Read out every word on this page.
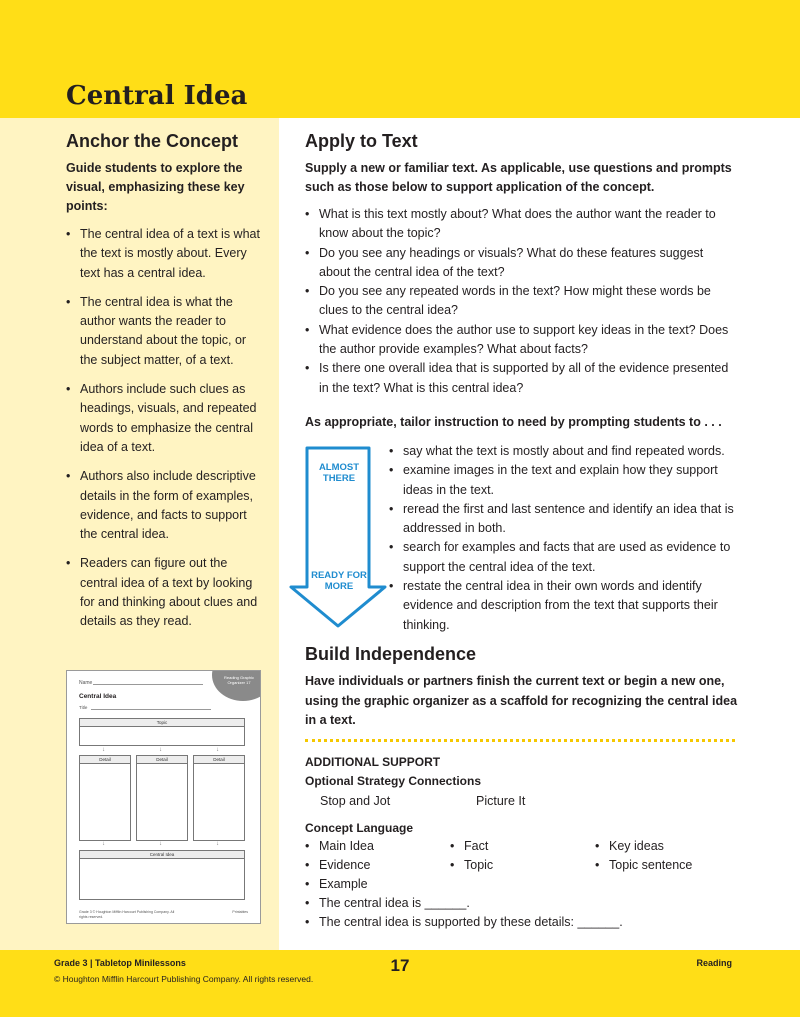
Central Idea
Anchor the Concept

Guide students to explore the visual, emphasizing these key points:

• The central idea of a text is what the text is mostly about. Every text has a central idea.
• The central idea is what the author wants the reader to understand about the topic, or the subject matter, of a text.
• Authors include such clues as headings, visuals, and repeated words to emphasize the central idea of a text.
• Authors also include descriptive details in the form of examples, evidence, and facts to support the central idea.
• Readers can figure out the central idea of a text by looking for and thinking about clues and details as they read.
Reading Graphic Organizer 17
Name
Central Idea
Title
Topic
↓	↓	↓
Detail	Detail	Detail
↓	↓	↓
Central Idea
Grade 3 © Houghton Mifflin Harcourt Publishing Company. All rights reserved.
Printables
Apply to Text

Supply a new or familiar text. As applicable, use questions and prompts such as those below to support application of the concept.

• What is this text mostly about? What does the author want the reader to know about the topic?
• Do you see any headings or visuals? What do these features suggest about the central idea of the text?
• Do you see any repeated words in the text? How might these words be clues to the central idea?
• What evidence does the author use to support key ideas in the text? Does the author provide examples? What about facts?
• Is there one overall idea that is supported by all of the evidence presented in the text? What is this central idea?

As appropriate, tailor instruction to need by prompting students to . . .

ALMOST THERE
READY FOR MORE
• say what the text is mostly about and find repeated words.
• examine images in the text and explain how they support ideas in the text.
• reread the first and last sentence and identify an idea that is addressed in both.
• search for examples and facts that are used as evidence to support the central idea of the text.
• restate the central idea in their own words and identify evidence and description from the text that supports their thinking.
Build Independence

Have individuals or partners finish the current text or begin a new one, using the graphic organizer as a scaffold for recognizing the central idea in a text.

ADDITIONAL SUPPORT
Optional Strategy Connections
Stop and Jot	Picture It
Concept Language
• Main Idea
• Evidence
• Example
• Fact
• Topic
• Key ideas
• Topic sentence
• The central idea is ______.
• The central idea is supported by these details: ______.
Grade 3 | Tabletop Minilessons
© Houghton Mifflin Harcourt Publishing Company. All rights reserved.
17	Reading
